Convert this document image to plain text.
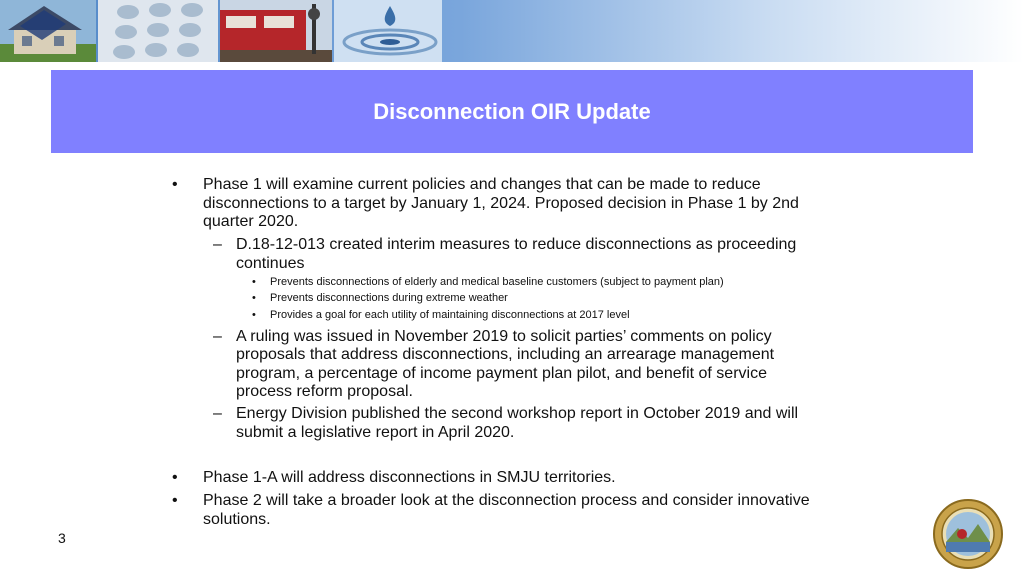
Disconnection OIR Update
• Phase 1 will examine current policies and changes that can be made to reduce
disconnections to a target by January 1, 2024. Proposed decision in Phase 1 by 2nd
quarter 2020.
– D.18-12-013 created interim measures to reduce disconnections as proceeding
continues
• Prevents disconnections of elderly and medical baseline customers (subject to payment plan)
• Prevents disconnections during extreme weather
• Provides a goal for each utility of maintaining disconnections at 2017 level
– A ruling was issued in November 2019 to solicit parties’ comments on policy
proposals that address disconnections, including an arrearage management
program, a percentage of income payment plan pilot, and benefit of service
process reform proposal.
– Energy Division published the second workshop report in October 2019 and will
submit a legislative report in April 2020.
• Phase 1-A will address disconnections in SMJU territories.
• Phase 2 will take a broader look at the disconnection process and consider innovative
solutions.
3
